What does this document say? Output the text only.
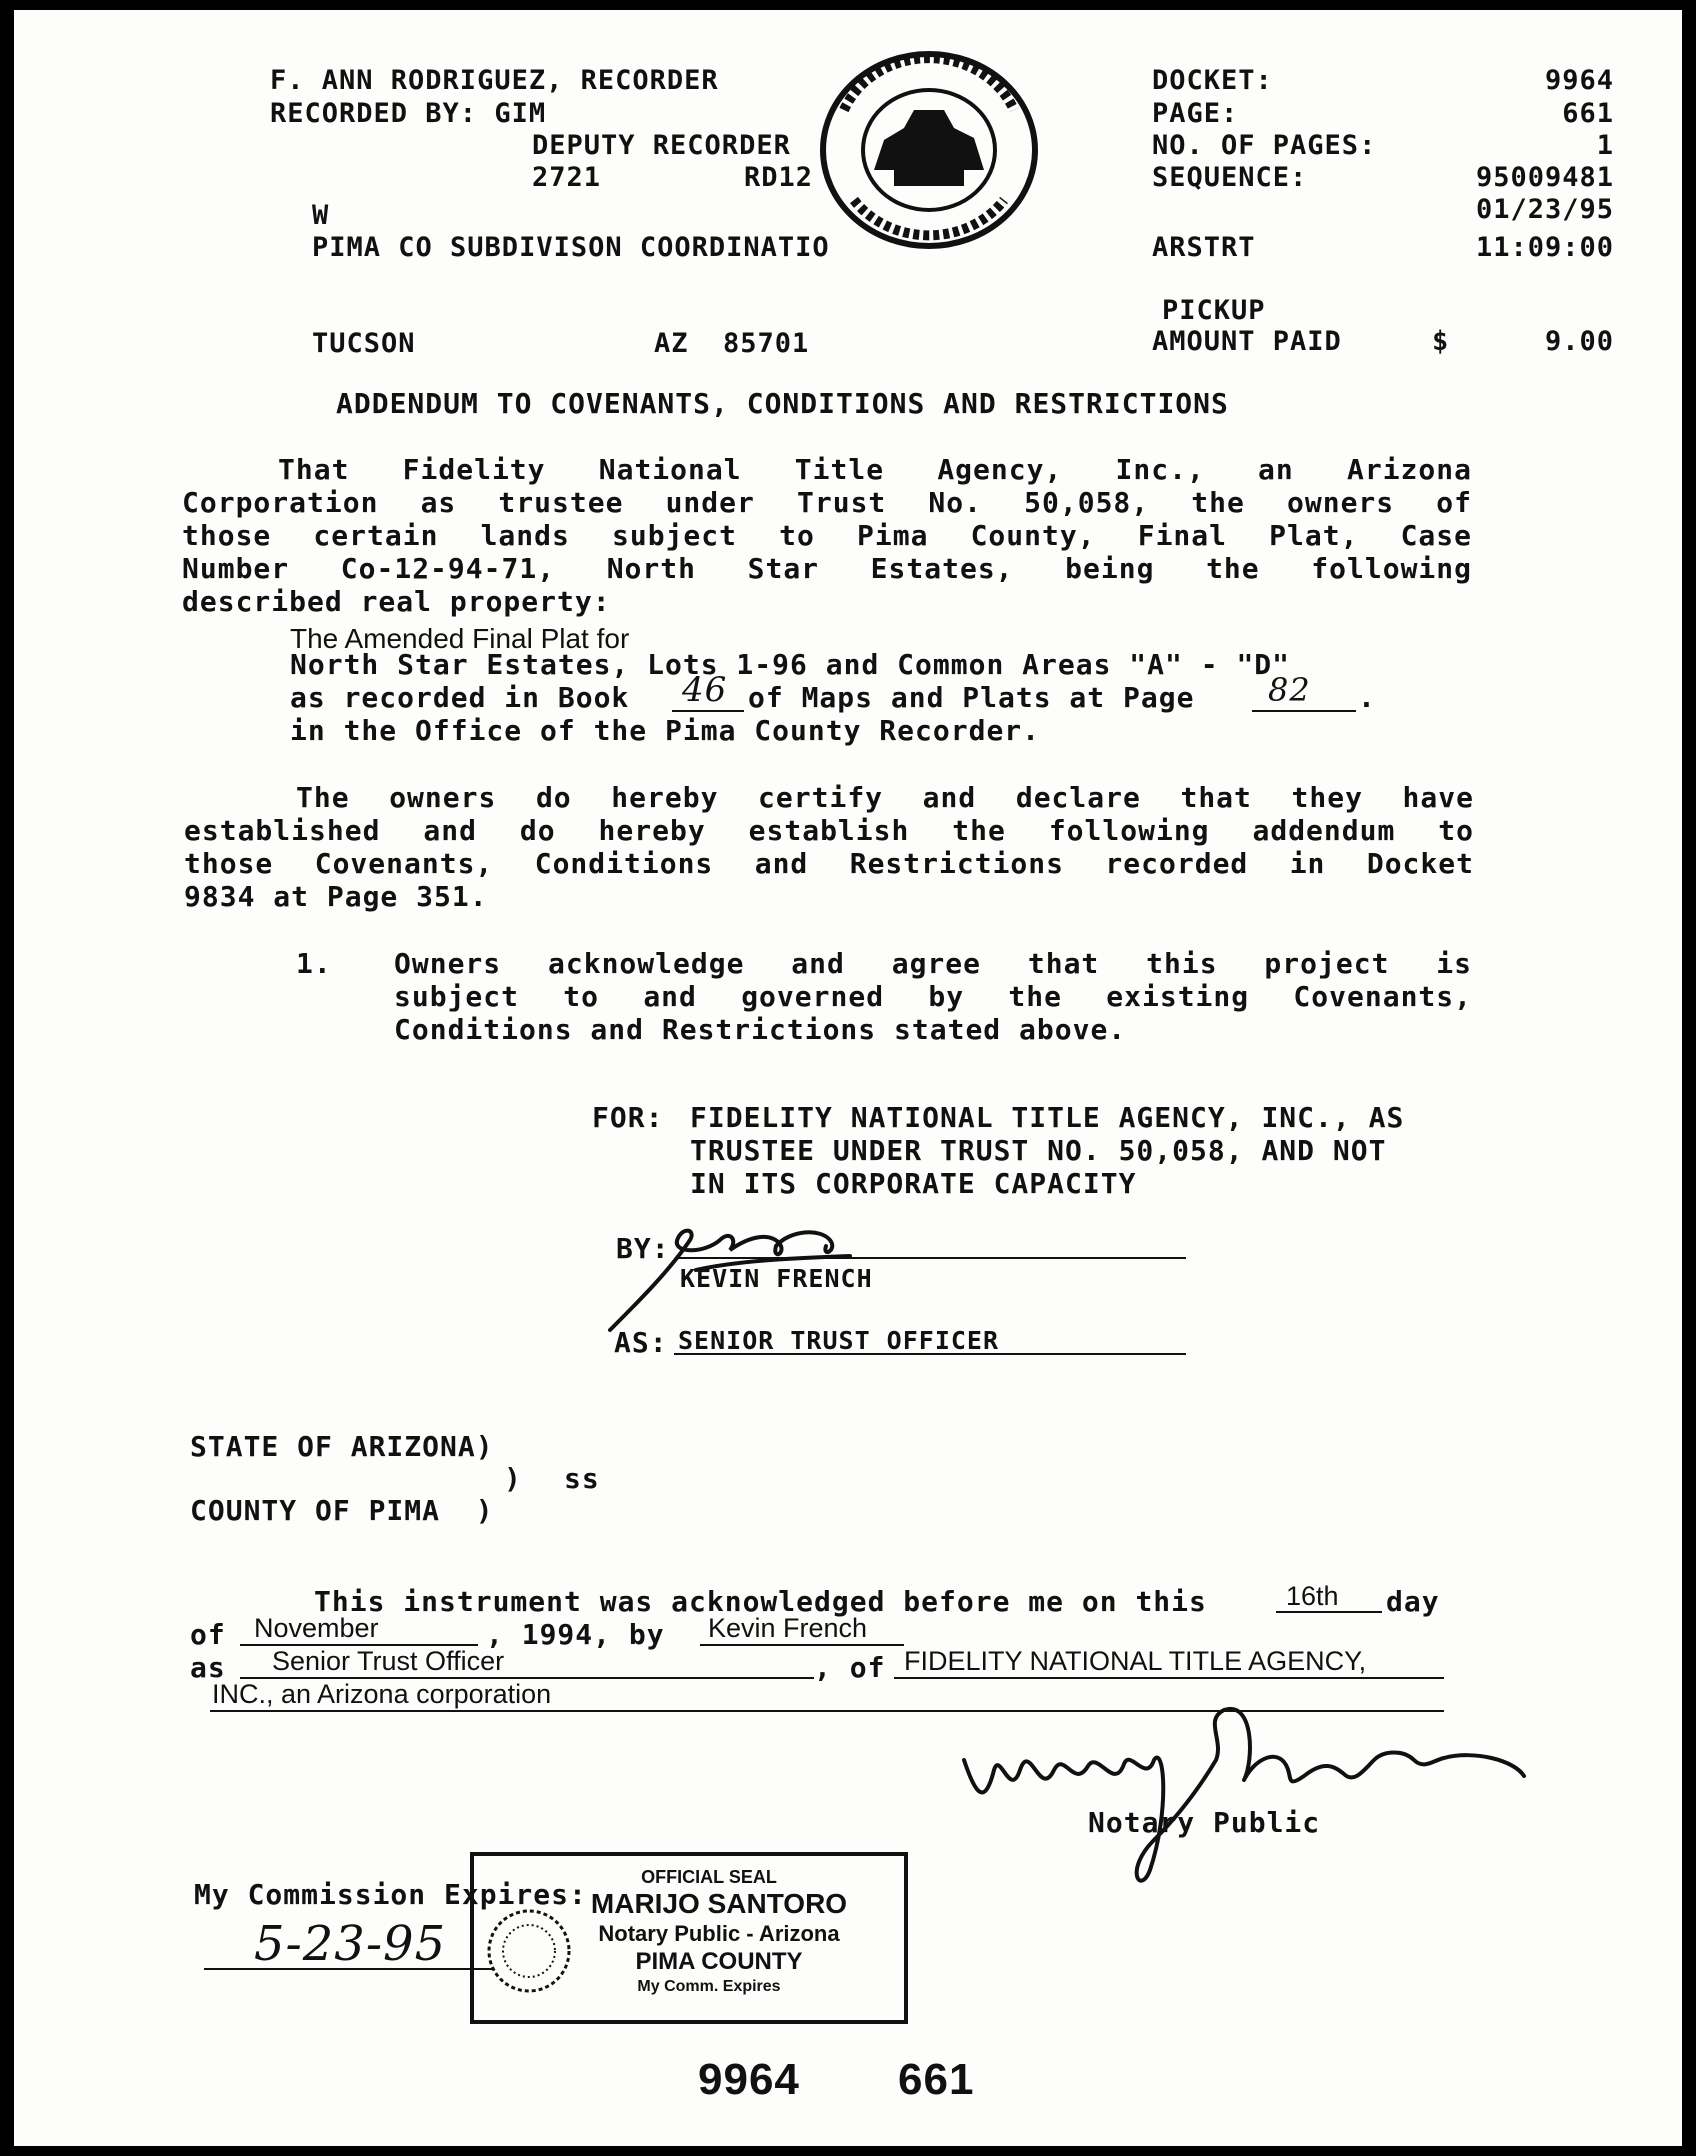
F. ANN RODRIGUEZ, RECORDER
RECORDED BY: GIM
DEPUTY RECORDER
2721	RD12
W
PIMA CO SUBDIVISON COORDINATIO
TUCSON	AZ  85701
DOCKET:	9964
PAGE:	661
NO. OF PAGES:	1
SEQUENCE:	95009481
01/23/95
ARSTRT	11:09:00
PICKUP
AMOUNT PAID	$	9.00
ADDENDUM TO COVENANTS, CONDITIONS AND RESTRICTIONS
That Fidelity National Title Agency, Inc., an Arizona
Corporation as trustee under Trust No. 50,058, the owners of
those certain lands subject to Pima County, Final Plat, Case
Number Co-12-94-71, North Star Estates, being the following
described real property:
The Amended Final Plat for
North Star Estates, Lots 1-96 and Common Areas "A" - "D"
as recorded in Book 46 of Maps and Plats at Page 82 .
in the Office of the Pima County Recorder.
The owners do hereby certify and declare that they have
established and do hereby establish the following addendum to
those Covenants, Conditions and Restrictions recorded in Docket
9834 at Page 351.
1. Owners acknowledge and agree that this project is
subject to and governed by the existing Covenants,
Conditions and Restrictions stated above.
FOR: FIDELITY NATIONAL TITLE AGENCY, INC., AS
TRUSTEE UNDER TRUST NO. 50,058, AND NOT
IN ITS CORPORATE CAPACITY
BY:
KEVIN FRENCH
AS: SENIOR TRUST OFFICER
STATE OF ARIZONA)
) ss
COUNTY OF PIMA  )
This instrument was acknowledged before me on this	16th day
of November	, 1994, by Kevin French
as Senior Trust Officer	, of FIDELITY NATIONAL TITLE AGENCY,
INC., an Arizona corporation
Notary Public
My Commission Expires:
5-23-95
OFFICIAL SEAL
MARIJO SANTORO
Notary Public - Arizona
PIMA COUNTY
My Comm. Expires
9964 661
